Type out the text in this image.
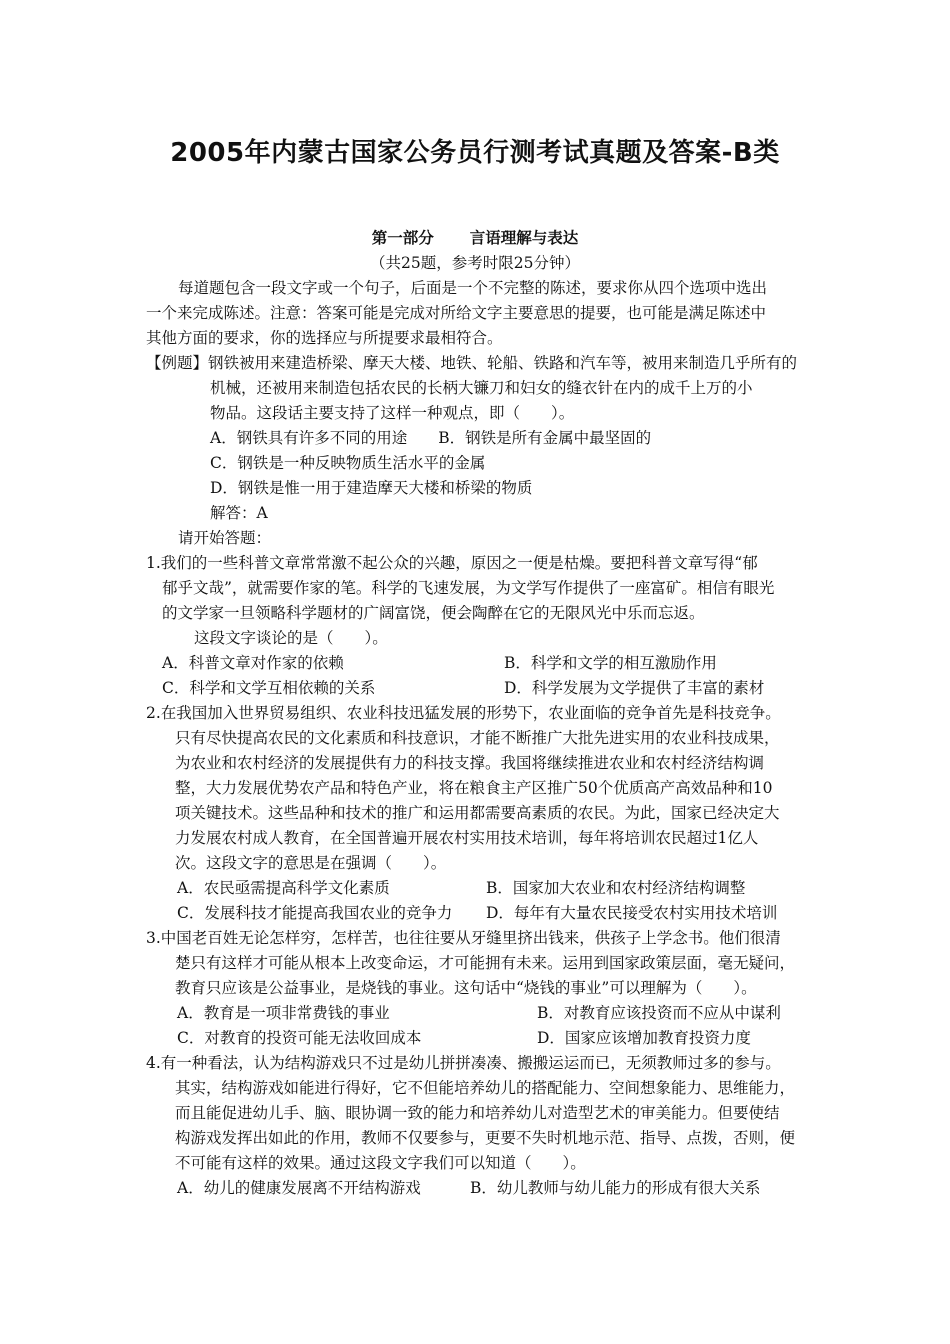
2005年内蒙古国家公务员行测考试真题及答案-B类
第一部分 言语理解与表达
（共25题，参考时限25分钟）
每道题包含一段文字或一个句子，后面是一个不完整的陈述，要求你从四个选项中选出
一个来完成陈述。注意：答案可能是完成对所给文字主要意思的提要，也可能是满足陈述中
其他方面的要求，你的选择应与所提要求最相符合。
【例题】钢铁被用来建造桥梁、摩天大楼、地铁、轮船、铁路和汽车等，被用来制造几乎所有的
机械，还被用来制造包括农民的长柄大镰刀和妇女的缝衣针在内的成千上万的小
物品。这段话主要支持了这样一种观点，即（　　）。
A．钢铁具有许多不同的用途　　B．钢铁是所有金属中最坚固的
C．钢铁是一种反映物质生活水平的金属
D．钢铁是惟一用于建造摩天大楼和桥梁的物质
解答：A
请开始答题：
1.我们的一些科普文章常常激不起公众的兴趣，原因之一便是枯燥。要把科普文章写得“郁
郁乎文哉”，就需要作家的笔。科学的飞速发展，为文学写作提供了一座富矿。相信有眼光
的文学家一旦领略科学题材的广阔富饶，便会陶醉在它的无限风光中乐而忘返。
这段文字谈论的是（　　）。
A．科普文章对作家的依赖	B．科学和文学的相互激励作用
C．科学和文学互相依赖的关系	D．科学发展为文学提供了丰富的素材
2.在我国加入世界贸易组织、农业科技迅猛发展的形势下，农业面临的竞争首先是科技竞争。
只有尽快提高农民的文化素质和科技意识，才能不断推广大批先进实用的农业科技成果，
为农业和农村经济的发展提供有力的科技支撑。我国将继续推进农业和农村经济结构调
整，大力发展优势农产品和特色产业，将在粮食主产区推广50个优质高产高效品种和10
项关键技术。这些品种和技术的推广和运用都需要高素质的农民。为此，国家已经决定大
力发展农村成人教育，在全国普遍开展农村实用技术培训，每年将培训农民超过1亿人
次。这段文字的意思是在强调（　　）。
A．农民亟需提高科学文化素质	B．国家加大农业和农村经济结构调整
C．发展科技才能提高我国农业的竞争力 D．每年有大量农民接受农村实用技术培训
3.中国老百姓无论怎样穷，怎样苦，也往往要从牙缝里挤出钱来，供孩子上学念书。他们很清
楚只有这样才可能从根本上改变命运，才可能拥有未来。运用到国家政策层面，毫无疑问，
教育只应该是公益事业，是烧钱的事业。这句话中“烧钱的事业”可以理解为（　　）。
A．教育是一项非常费钱的事业	B．对教育应该投资而不应从中谋利
C．对教育的投资可能无法收回成本	D．国家应该增加教育投资力度
4.有一种看法，认为结构游戏只不过是幼儿拼拼凑凑、搬搬运运而已，无须教师过多的参与。
其实，结构游戏如能进行得好，它不但能培养幼儿的搭配能力、空间想象能力、思维能力，
而且能促进幼儿手、脑、眼协调一致的能力和培养幼儿对造型艺术的审美能力。但要使结
构游戏发挥出如此的作用，教师不仅要参与，更要不失时机地示范、指导、点拨，否则，便
不可能有这样的效果。通过这段文字我们可以知道（　　）。
A．幼儿的健康发展离不开结构游戏	B．幼儿教师与幼儿能力的形成有很大关系
